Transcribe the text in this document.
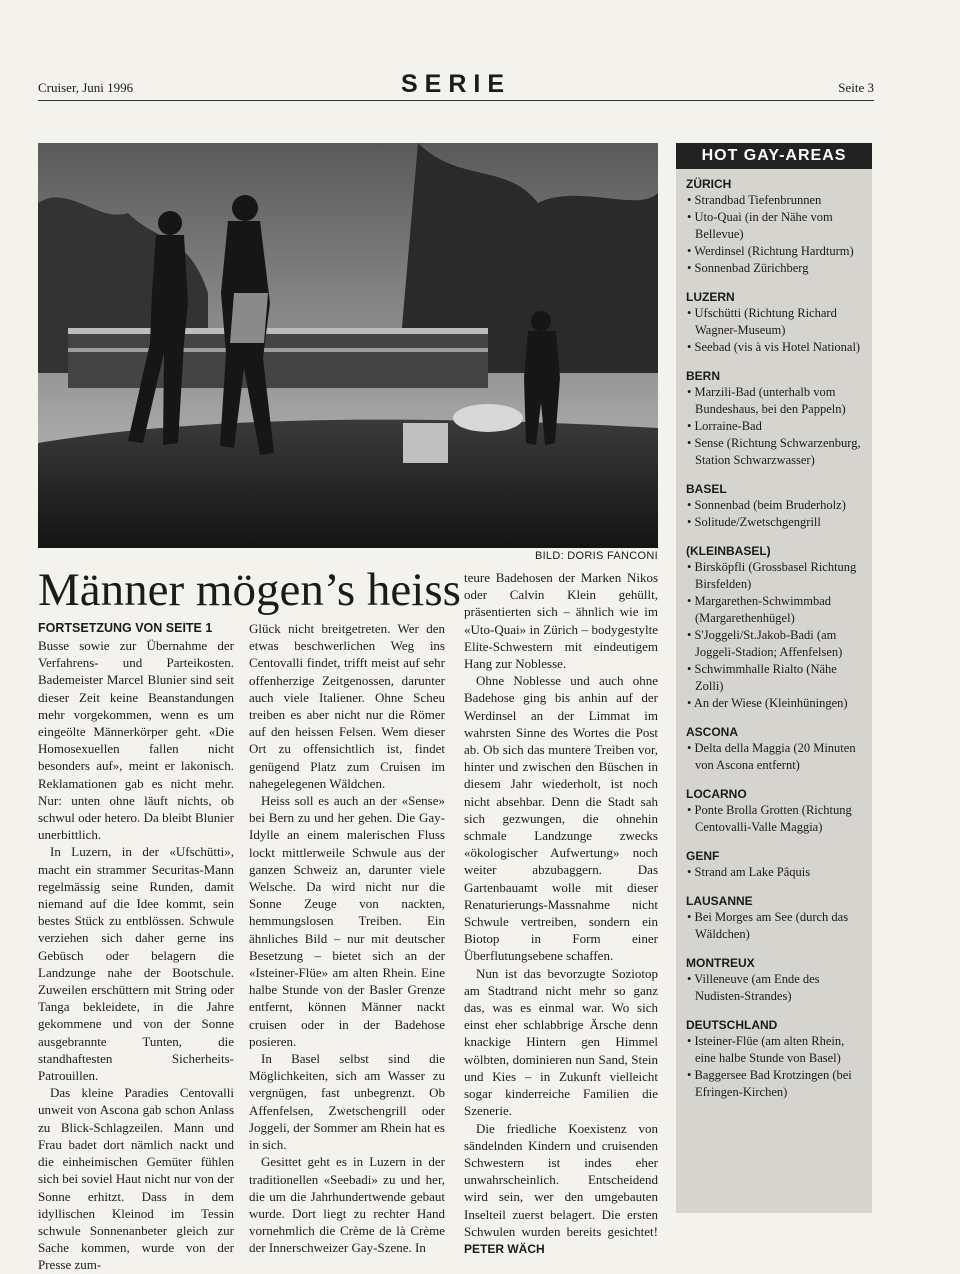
Cruiser, Juni 1996	SERIE	Seite 3
BILD: DORIS FANCONI
Männer mögen’s heiss
FORTSETZUNG VON SEITE 1

Busse sowie zur Übernahme der Verfahrens- und Parteikosten. Bademeister Marcel Blunier sind seit dieser Zeit keine Beanstandungen mehr vorgekommen, wenn es um eingeölte Männerkörper geht. «Die Homosexuellen fallen nicht besonders auf», meint er lakonisch. Reklamationen gab es nicht mehr. Nur: unten ohne läuft nichts, ob schwul oder hetero. Da bleibt Blunier unerbittlich.

In Luzern, in der «Ufschütti», macht ein strammer Securitas-Mann regelmässig seine Runden, damit niemand auf die Idee kommt, sein bestes Stück zu entblössen. Schwule verziehen sich daher gerne ins Gebüsch oder belagern die Landzunge nahe der Bootschule. Zuweilen erschüttern mit String oder Tanga bekleidete, in die Jahre gekommene und von der Sonne ausgebrannte Tunten, die standhaftesten Sicherheits-Patrouillen.

Das kleine Paradies Centovalli unweit von Ascona gab schon Anlass zu Blick-Schlagzeilen. Mann und Frau badet dort nämlich nackt und die einheimischen Gemüter fühlen sich bei soviel Haut nicht nur von der Sonne erhitzt. Dass in dem idyllischen Kleinod im Tessin schwule Sonnenanbeter gleich zur Sache kommen, wurde von der Presse zum-

Glück nicht breitgetreten. Wer den etwas beschwerlichen Weg ins Centovalli findet, trifft meist auf sehr offenherzige Zeitgenossen, darunter auch viele Italiener. Ohne Scheu treiben es aber nicht nur die Römer auf den heissen Felsen. Wem dieser Ort zu offensichtlich ist, findet genügend Platz zum Cruisen im nahegelegenen Wäldchen.

Heiss soll es auch an der «Sense» bei Bern zu und her gehen. Die Gay-Idylle an einem malerischen Fluss lockt mittlerweile Schwule aus der ganzen Schweiz an, darunter viele Welsche. Da wird nicht nur die Sonne Zeuge von nackten, hemmungslosen Treiben. Ein ähnliches Bild – nur mit deutscher Besetzung – bietet sich an der «Isteiner-Flüe» am alten Rhein. Eine halbe Stunde von der Basler Grenze entfernt, können Männer nackt cruisen oder in der Badehose posieren.

In Basel selbst sind die Möglichkeiten, sich am Wasser zu vergnügen, fast unbegrenzt. Ob Affenfelsen, Zwetschengrill oder Joggeli, der Sommer am Rhein hat es in sich.

Gesittet geht es in Luzern in der traditionellen «Seebadi» zu und her, die um die Jahrhundertwende gebaut wurde. Dort liegt zu rechter Hand vornehmlich die Crème de là Crème der Innerschweizer Gay-Szene. In

teure Badehosen der Marken Nikos oder Calvin Klein gehüllt, präsentierten sich – ähnlich wie im «Uto-Quai» in Zürich – bodygestylte Elite-Schwestern mit eindeutigem Hang zur Noblesse.

Ohne Noblesse und auch ohne Badehose ging bis anhin auf der Werdinsel an der Limmat im wahrsten Sinne des Wortes die Post ab. Ob sich das muntere Treiben vor, hinter und zwischen den Büschen in diesem Jahr wiederholt, ist noch nicht absehbar. Denn die Stadt sah sich gezwungen, die ohnehin schmale Landzunge zwecks «ökologischer Aufwertung» noch weiter abzubaggern. Das Gartenbauamt wolle mit dieser Renaturierungs-Massnahme nicht Schwule vertreiben, sondern ein Biotop in Form einer Überflutungsebene schaffen.

Nun ist das bevorzugte Soziotop am Stadtrand nicht mehr so ganz das, was es einmal war. Wo sich einst eher schlabbrige Ärsche denn knackige Hintern gen Himmel wölbten, dominieren nun Sand, Stein und Kies – in Zukunft vielleicht sogar kinderreiche Familien die Szenerie.

Die friedliche Koexistenz von sändelnden Kindern und cruisenden Schwestern ist indes eher unwahrscheinlich. Entscheidend wird sein, wer den umgebauten Inselteil zuerst belagert. Die ersten Schwulen wurden bereits gesichtet! PETER WÄCH

HOT GAY-AREAS
ZÜRICH
• Strandbad Tiefenbrunnen
• Uto-Quai (in der Nähe vom Bellevue)
• Werdinsel (Richtung Hardturm)
• Sonnenbad Zürichberg
LUZERN
• Ufschütti (Richtung Richard Wagner-Museum)
• Seebad (vis à vis Hotel National)
BERN
• Marzili-Bad (unterhalb vom Bundeshaus, bei den Pappeln)
• Lorraine-Bad
• Sense (Richtung Schwarzenburg, Station Schwarzwasser)
BASEL
• Sonnenbad (beim Bruderholz)
• Solitude/Zwetschgengrill
(KLEINBASEL)
• Birsköpfli (Grossbasel Richtung Birsfelden)
• Margarethen-Schwimmbad (Margarethenhügel)
• S'Joggeli/St.Jakob-Badi (am Joggeli-Stadion; Affenfelsen)
• Schwimmhalle Rialto (Nähe Zolli)
• An der Wiese (Kleinhüningen)
ASCONA
• Delta della Maggia (20 Minuten von Ascona entfernt)
LOCARNO
• Ponte Brolla Grotten (Richtung Centovalli-Valle Maggia)
GENF
• Strand am Lake Pâquis
LAUSANNE
• Bei Morges am See (durch das Wäldchen)
MONTREUX
• Villeneuve (am Ende des Nudisten-Strandes)
DEUTSCHLAND
• Isteiner-Flüe (am alten Rhein, eine halbe Stunde von Basel)
• Baggersee Bad Krotzingen (bei Efringen-Kirchen)
